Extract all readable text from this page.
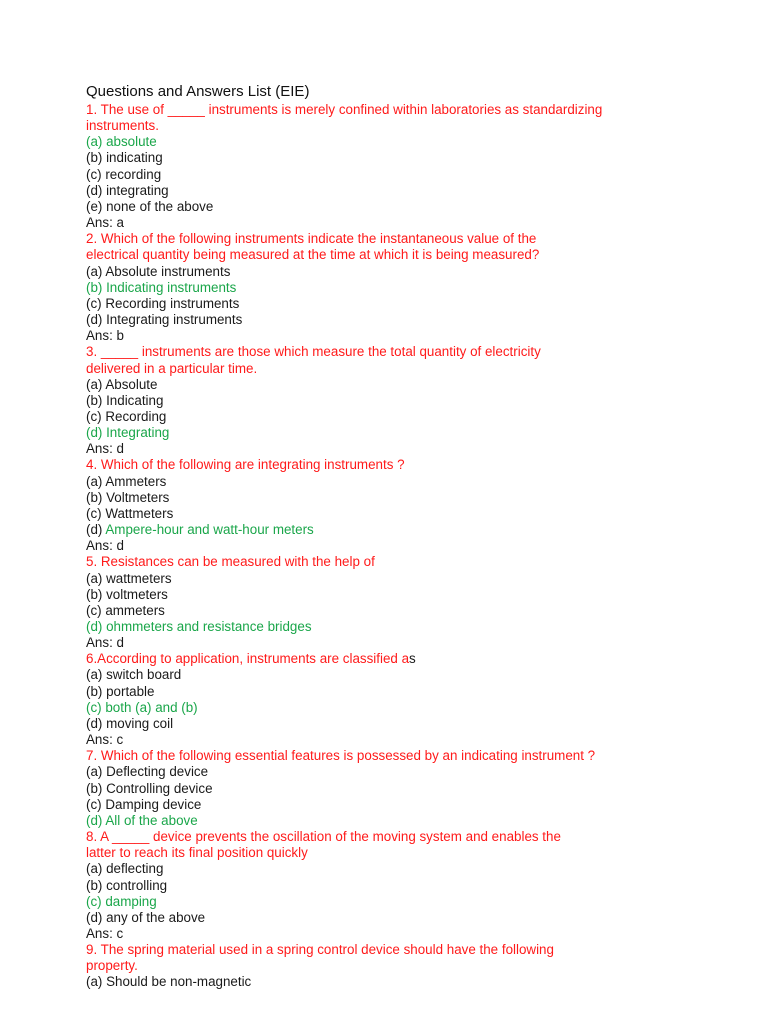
Questions and Answers List (EIE)
1. The use of _____ instruments is merely confined within laboratories as standardizing
instruments.
(a) absolute
(b) indicating
(c) recording
(d) integrating
(e) none of the above
Ans: a
2. Which of the following instruments indicate the instantaneous value of the
electrical quantity being measured at the time at which it is being measured?
(a) Absolute instruments
(b) Indicating instruments
(c) Recording instruments
(d) Integrating instruments
Ans: b
3. _____ instruments are those which measure the total quantity of electricity
delivered in a particular time.
(a) Absolute
(b) Indicating
(c) Recording
(d) Integrating
Ans: d
4. Which of the following are integrating instruments ?
(a) Ammeters
(b) Voltmeters
(c) Wattmeters
(d) Ampere-hour and watt-hour meters
Ans: d
5. Resistances can be measured with the help of
(a) wattmeters
(b) voltmeters
(c) ammeters
(d) ohmmeters and resistance bridges
Ans: d
6.According to application, instruments are classified as
(a) switch board
(b) portable
(c) both (a) and (b)
(d) moving coil
Ans: c
7. Which of the following essential features is possessed by an indicating instrument ?
(a) Deflecting device
(b) Controlling device
(c) Damping device
(d) All of the above
8. A _____ device prevents the oscillation of the moving system and enables the
latter to reach its final position quickly
(a) deflecting
(b) controlling
(c) damping
(d) any of the above
Ans: c
9. The spring material used in a spring control device should have the following
property.
(a) Should be non-magnetic
